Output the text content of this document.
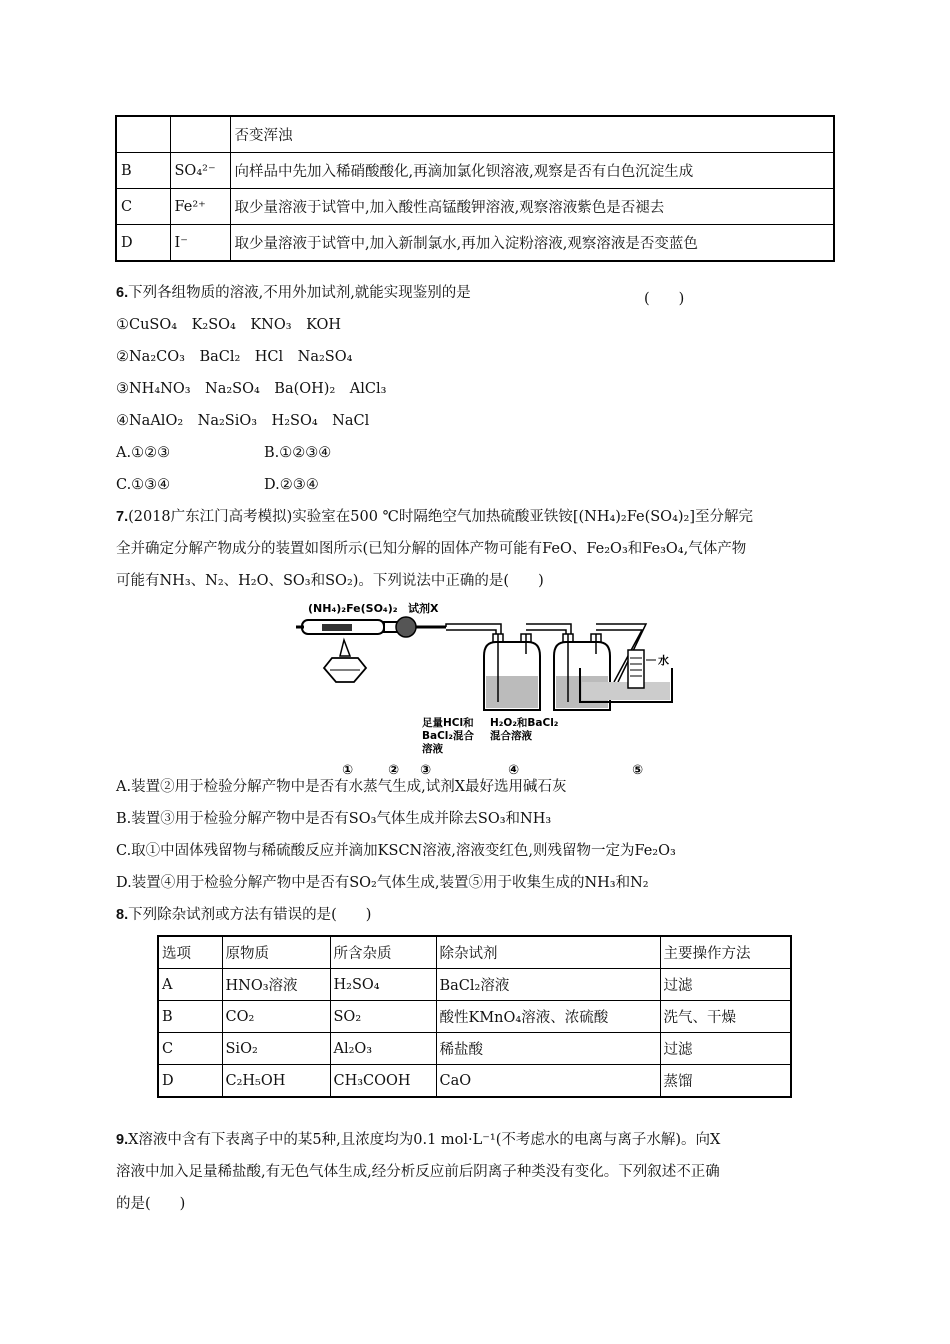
		否变浑浊
B	SO₄²⁻	向样品中先加入稀硝酸酸化,再滴加氯化钡溶液,观察是否有白色沉淀生成
C	Fe²⁺	取少量溶液于试管中,加入酸性高锰酸钾溶液,观察溶液紫色是否褪去
D	I⁻	取少量溶液于试管中,加入新制氯水,再加入淀粉溶液,观察溶液是否变蓝色
6.下列各组物质的溶液,不用外加试剂,就能实现鉴别的是	(　　)
①CuSO₄　K₂SO₄　KNO₃　KOH
②Na₂CO₃　BaCl₂　HCl　Na₂SO₄
③NH₄NO₃　Na₂SO₄　Ba(OH)₂　AlCl₃
④NaAlO₂　Na₂SiO₃　H₂SO₄　NaCl
A.①②③	B.①②③④
C.①③④	D.②③④
7.(2018广东江门高考模拟)实验室在500 ℃时隔绝空气加热硫酸亚铁铵[(NH₄)₂Fe(SO₄)₂]至分解完
全并确定分解产物成分的装置如图所示(已知分解的固体产物可能有FeO、Fe₂O₃和Fe₃O₄,气体产物
可能有NH₃、N₂、H₂O、SO₃和SO₂)。下列说法中正确的是(　　)
(NH₄)₂Fe(SO₄)₂ 试剂X
水
足量HCl和
BaCl₂混合
溶液
H₂O₂和BaCl₂
混合溶液
①	② ③	④	⑤
A.装置②用于检验分解产物中是否有水蒸气生成,试剂X最好选用碱石灰
B.装置③用于检验分解产物中是否有SO₃气体生成并除去SO₃和NH₃
C.取①中固体残留物与稀硫酸反应并滴加KSCN溶液,溶液变红色,则残留物一定为Fe₂O₃
D.装置④用于检验分解产物中是否有SO₂气体生成,装置⑤用于收集生成的NH₃和N₂
8.下列除杂试剂或方法有错误的是(　　)
选项	原物质	所含杂质	除杂试剂	主要操作方法
A	HNO₃溶液	H₂SO₄	BaCl₂溶液	过滤
B	CO₂	SO₂	酸性KMnO₄溶液、浓硫酸	洗气、干燥
C	SiO₂	Al₂O₃	稀盐酸	过滤
D	C₂H₅OH	CH₃COOH	CaO	蒸馏
9.X溶液中含有下表离子中的某5种,且浓度均为0.1 mol·L⁻¹(不考虑水的电离与离子水解)。向X
溶液中加入足量稀盐酸,有无色气体生成,经分析反应前后阴离子种类没有变化。下列叙述不正确
的是(　　)
